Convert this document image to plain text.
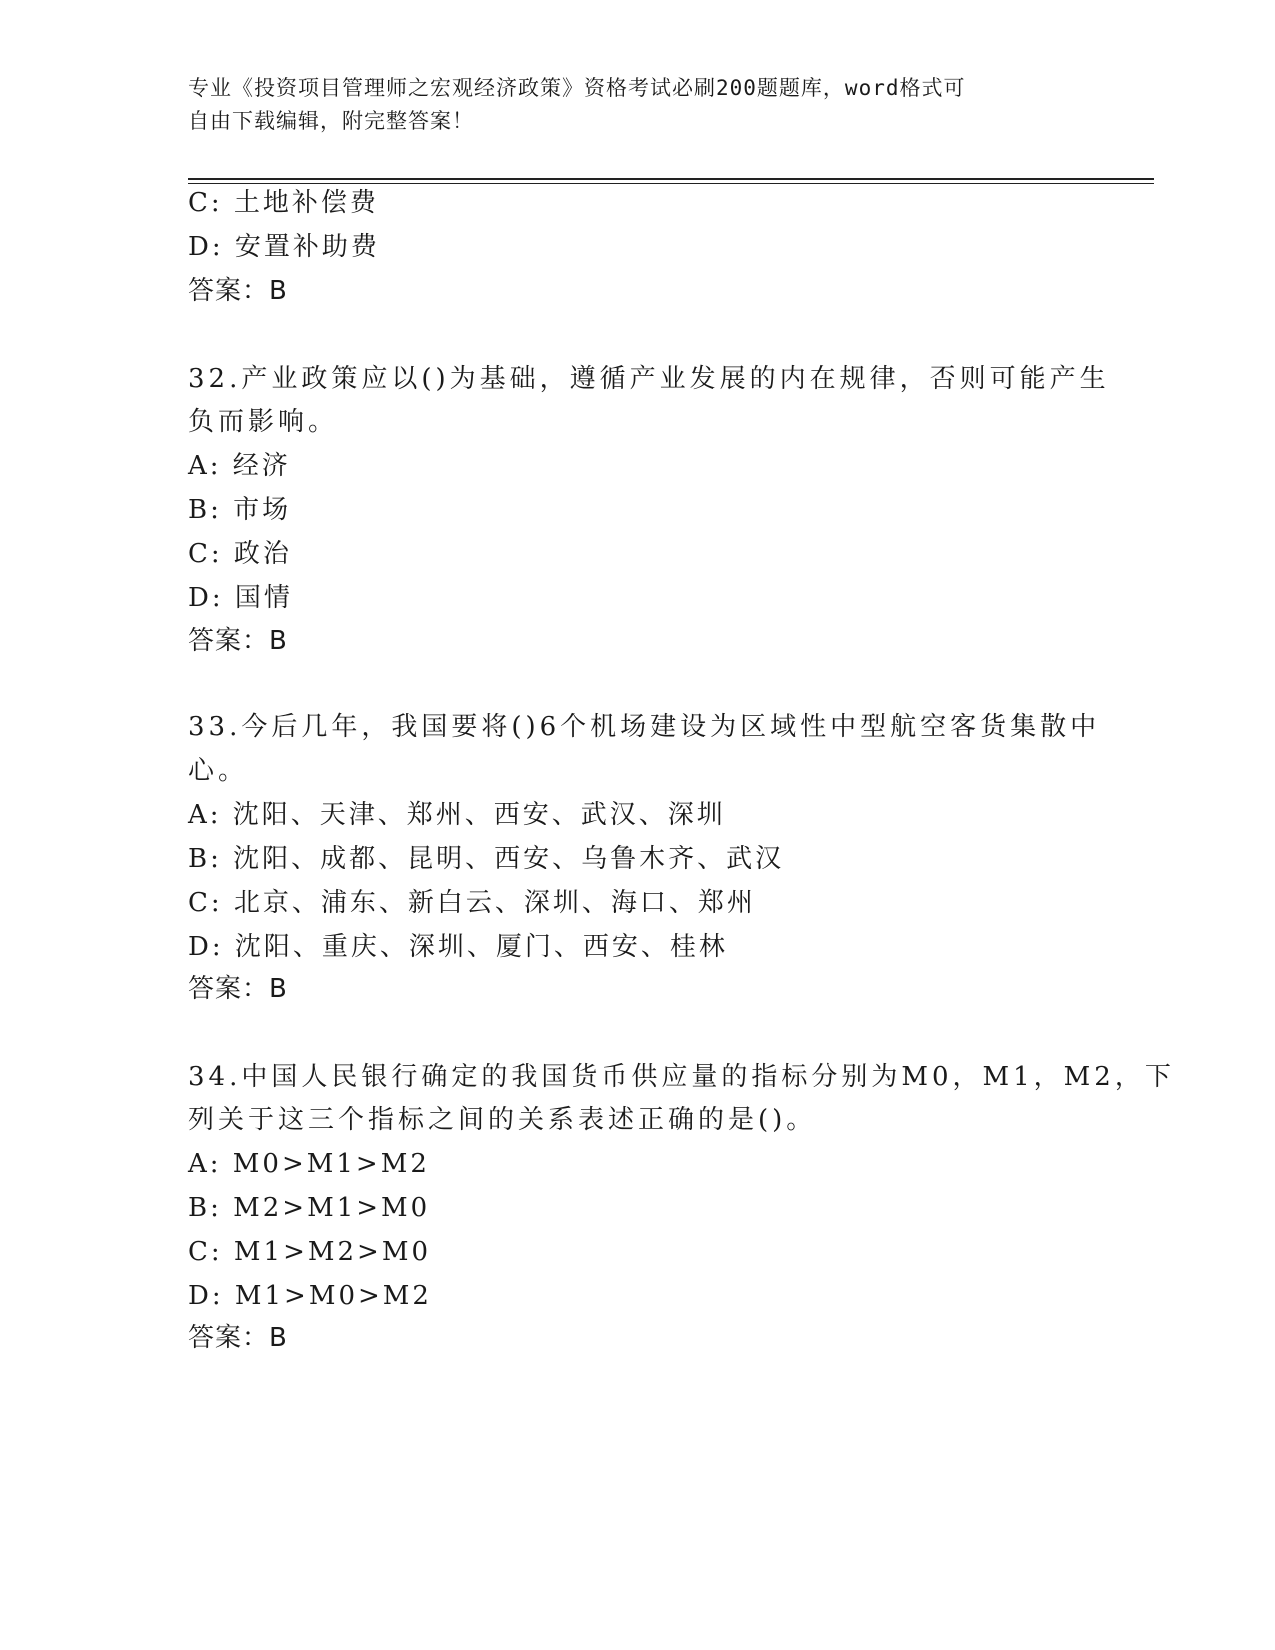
专业《投资项目管理师之宏观经济政策》资格考试必刷200题题库，word格式可
自由下载编辑，附完整答案！

C: 土地补偿费

D: 安置补助费

答案：B

32.产业政策应以()为基础，遵循产业发展的内在规律，否则可能产生

负而影响。

A: 经济

B: 市场

C: 政治

D: 国情

答案：B

33.今后几年，我国要将()6个机场建设为区域性中型航空客货集散中

心。

A: 沈阳、天津、郑州、西安、武汉、深圳

B: 沈阳、成都、昆明、西安、乌鲁木齐、武汉

C: 北京、浦东、新白云、深圳、海口、郑州

D: 沈阳、重庆、深圳、厦门、西安、桂林

答案：B

34.中国人民银行确定的我国货币供应量的指标分别为M0，M1，M2，下

列关于这三个指标之间的关系表述正确的是()。

A: M0>M1>M2

B: M2>M1>M0

C: M1>M2>M0

D: M1>M0>M2

答案：B
